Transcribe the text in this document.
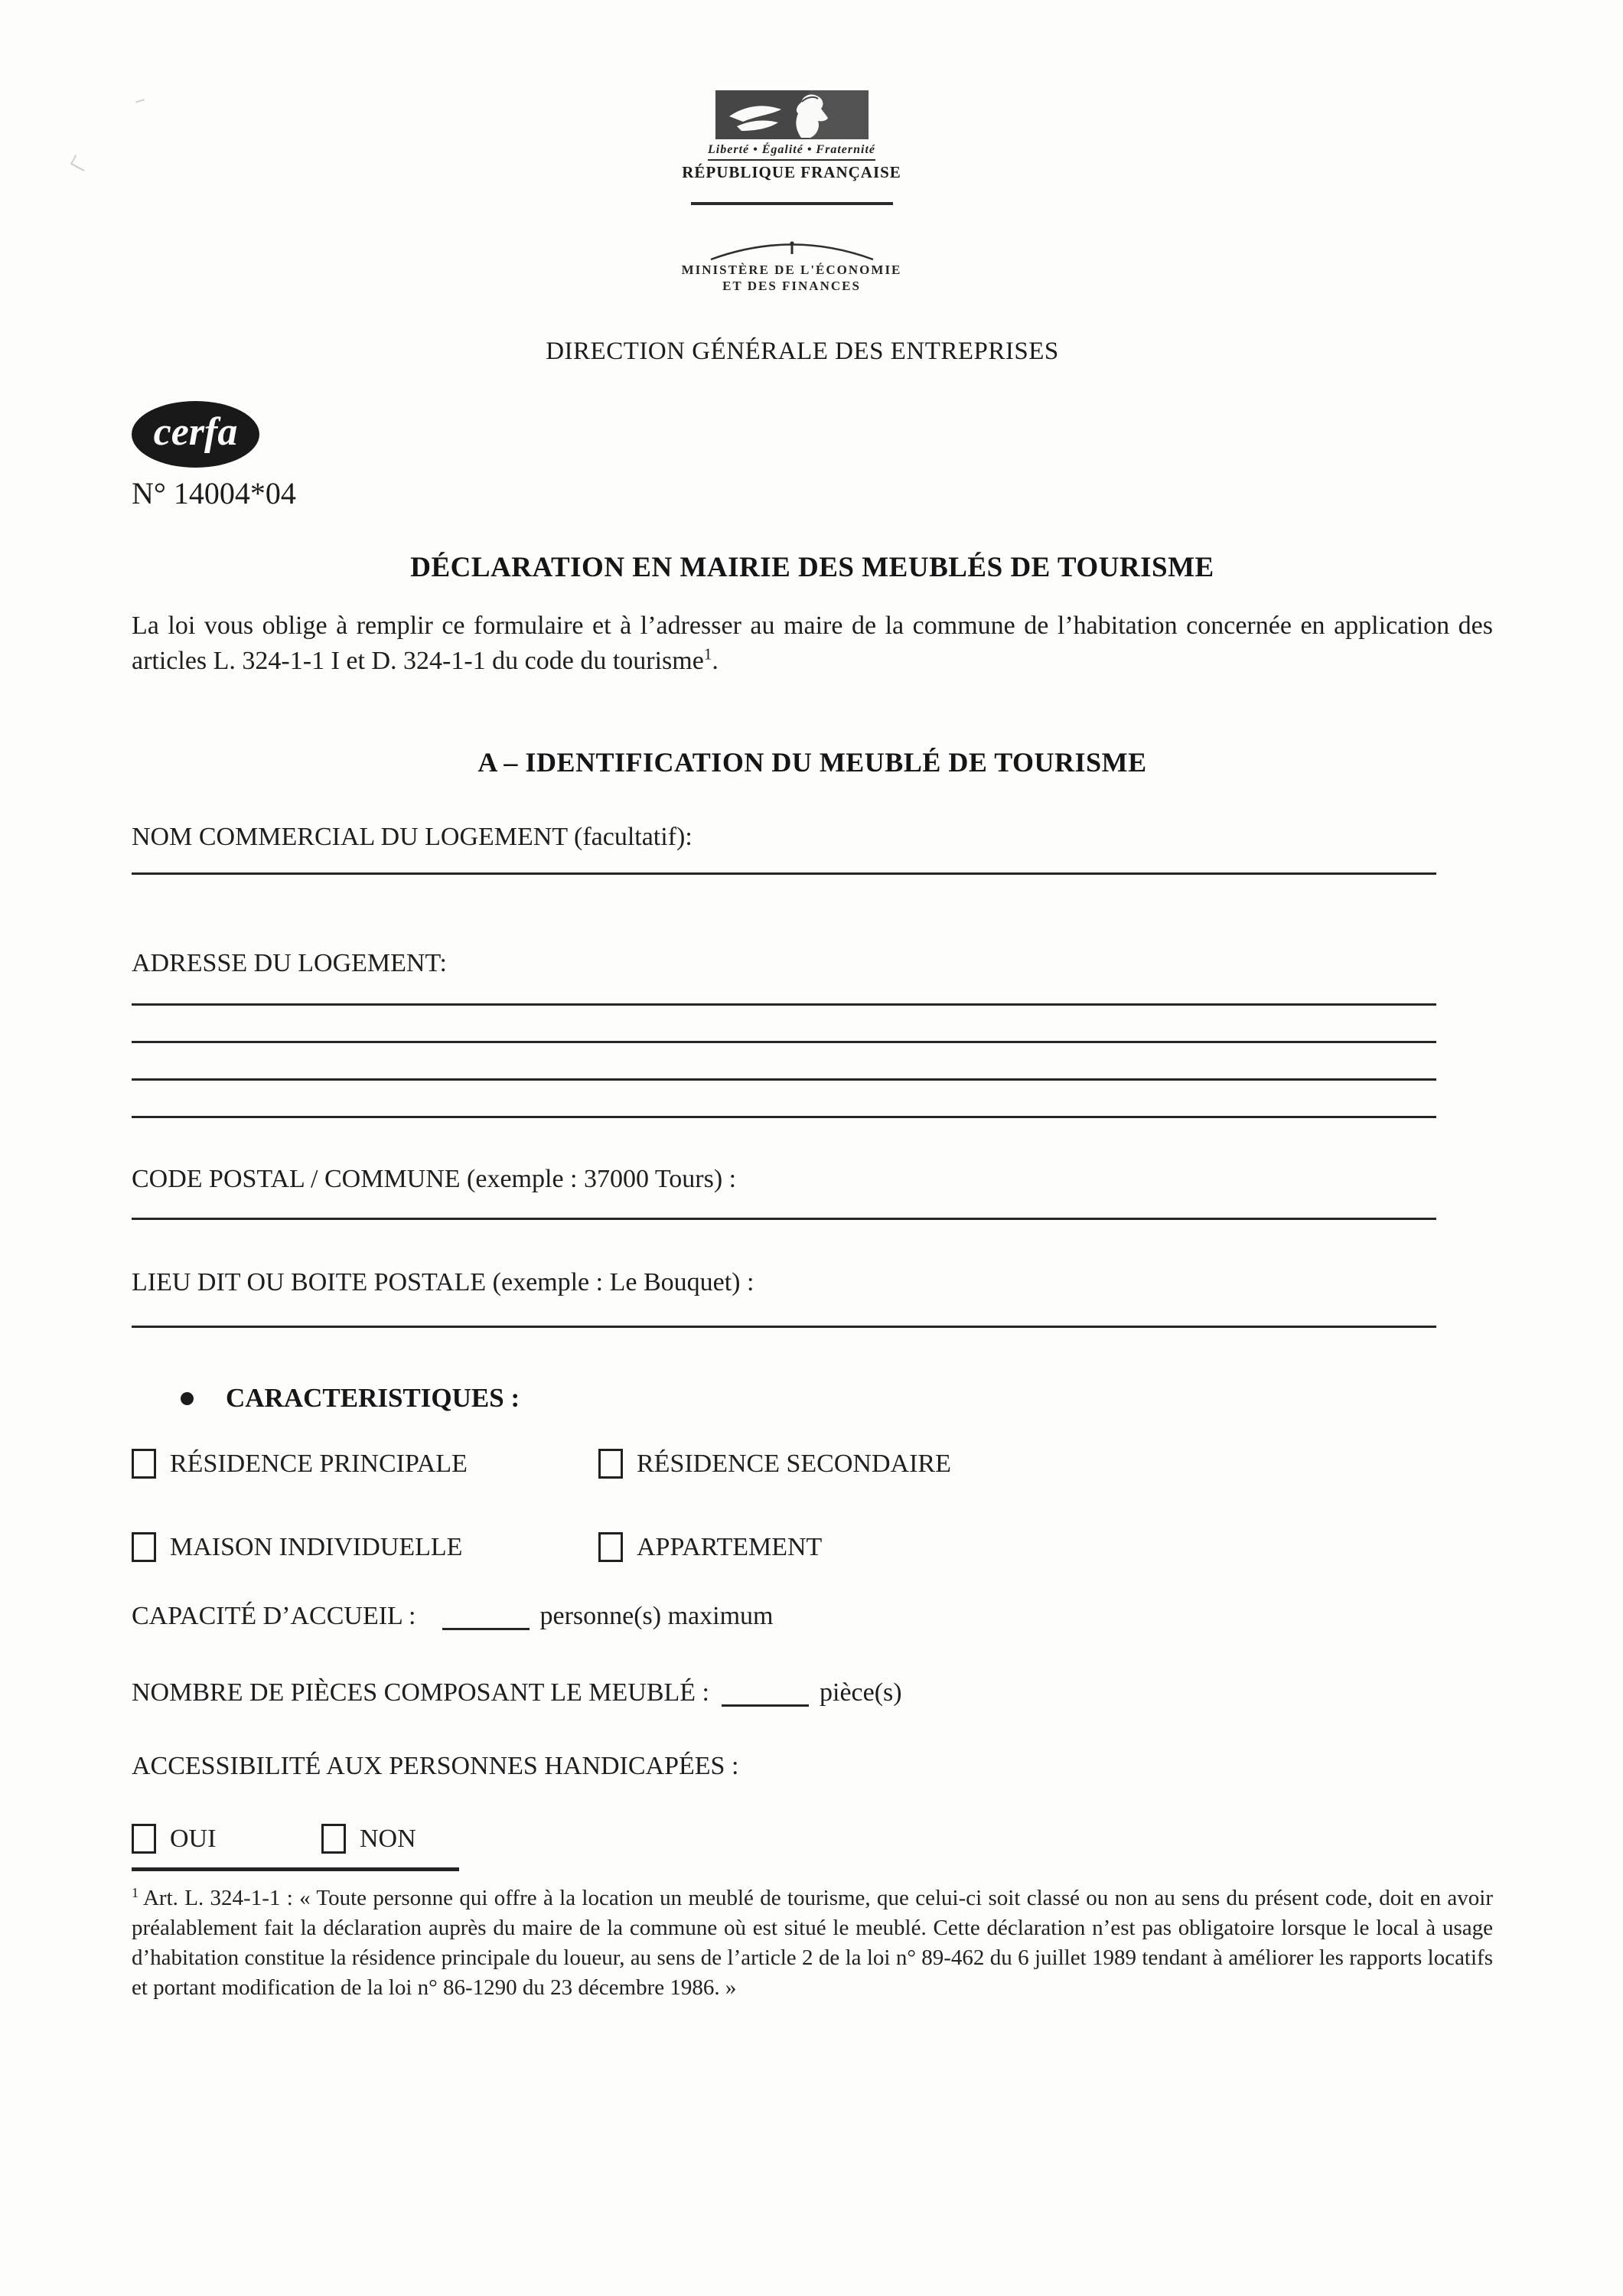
Liberté • Égalité • Fraternité
RÉPUBLIQUE FRANÇAISE
MINISTÈRE DE L'ÉCONOMIE
ET DES FINANCES
DIRECTION GÉNÉRALE DES ENTREPRISES
cerfa
N° 14004*04
DÉCLARATION EN MAIRIE DES MEUBLÉS DE TOURISME

La loi vous oblige à remplir ce formulaire et à l’adresser au maire de la commune de l’habitation concernée en application des articles L. 324-1-1 I et D. 324-1-1 du code du tourisme$^1$.

A – IDENTIFICATION DU MEUBLÉ DE TOURISME
NOM COMMERCIAL DU LOGEMENT (facultatif):
ADRESSE DU LOGEMENT:
CODE POSTAL / COMMUNE (exemple : 37000 Tours) :
LIEU DIT OU BOITE POSTALE (exemple : Le Bouquet) :
CARACTERISTIQUES :
RÉSIDENCE PRINCIPALE	RÉSIDENCE SECONDAIRE
MAISON INDIVIDUELLE	APPARTEMENT
CAPACITÉ D’ACCUEIL :	personne(s) maximum
NOMBRE DE PIÈCES COMPOSANT LE MEUBLÉ :	pièce(s)
ACCESSIBILITÉ AUX PERSONNES HANDICAPÉES :
OUI	NON

$^1$ Art. L. 324-1-1 : « Toute personne qui offre à la location un meublé de tourisme, que celui-ci soit classé ou non au sens du présent code, doit en avoir préalablement fait la déclaration auprès du maire de la commune où est situé le meublé. Cette déclaration n’est pas obligatoire lorsque le local à usage d’habitation constitue la résidence principale du loueur, au sens de l’article 2 de la loi n° 89-462 du 6 juillet 1989 tendant à améliorer les rapports locatifs et portant modification de la loi n° 86-1290 du 23 décembre 1986. »
